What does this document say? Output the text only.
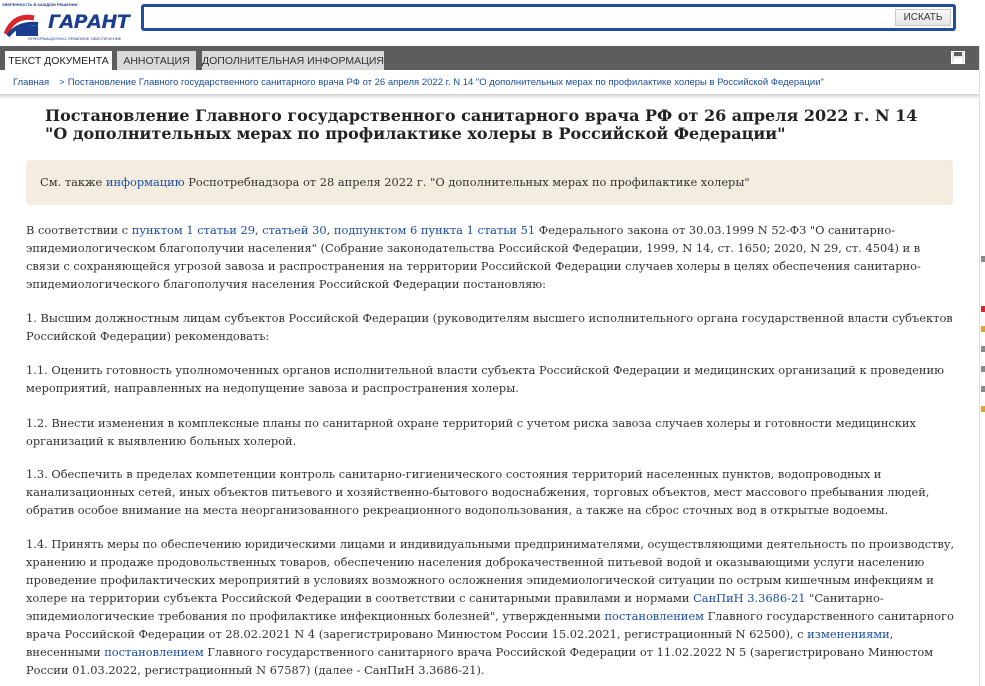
УВЕРЕННОСТЬ В КАЖДОМ РЕШЕНИИ
ГАРАНТ
ИНФОРМАЦИОННО-ПРАВОВОЕ ОБЕСПЕЧЕНИЕ
ИСКАТЬ
ТЕКСТ ДОКУМЕНТА	АННОТАЦИЯ	ДОПОЛНИТЕЛЬНАЯ ИНФОРМАЦИЯ
Главная > Постановление Главного государственного санитарного врача РФ от 26 апреля 2022 г. N 14 "О дополнительных мерах по профилактике холеры в Российской Федерации"
Постановление Главного государственного санитарного врача РФ от 26 апреля 2022 г. N 14 "О дополнительных мерах по профилактике холеры в Российской Федерации"
См. также информацию Роспотребнадзора от 28 апреля 2022 г. "О дополнительных мерах по профилактике холеры"

В соответствии с пунктом 1 статьи 29, статьей 30, подпунктом 6 пункта 1 статьи 51 Федерального закона от 30.03.1999 N 52-ФЗ "О санитарно-эпидемиологическом благополучии населения" (Собрание законодательства Российской Федерации, 1999, N 14, ст. 1650; 2020, N 29, ст. 4504) и в связи с сохраняющейся угрозой завоза и распространения на территории Российской Федерации случаев холеры в целях обеспечения санитарно-эпидемиологического благополучия населения Российской Федерации постановляю:

1. Высшим должностным лицам субъектов Российской Федерации (руководителям высшего исполнительного органа государственной власти субъектов Российской Федерации) рекомендовать:

1.1. Оценить готовность уполномоченных органов исполнительной власти субъекта Российской Федерации и медицинских организаций к проведению мероприятий, направленных на недопущение завоза и распространения холеры.

1.2. Внести изменения в комплексные планы по санитарной охране территорий с учетом риска завоза случаев холеры и готовности медицинских организаций к выявлению больных холерой.

1.3. Обеспечить в пределах компетенции контроль санитарно-гигиенического состояния территорий населенных пунктов, водопроводных и канализационных сетей, иных объектов питьевого и хозяйственно-бытового водоснабжения, торговых объектов, мест массового пребывания людей, обратив особое внимание на места неорганизованного рекреационного водопользования, а также на сброс сточных вод в открытые водоемы.

1.4. Принять меры по обеспечению юридическими лицами и индивидуальными предпринимателями, осуществляющими деятельность по производству, хранению и продаже продовольственных товаров, обеспечению населения доброкачественной питьевой водой и оказывающими услуги населению проведение профилактических мероприятий в условиях возможного осложнения эпидемиологической ситуации по острым кишечным инфекциям и холере на территории субъекта Российской Федерации в соответствии с санитарными правилами и нормами СанПиН 3.3686-21 "Санитарно-эпидемиологические требования по профилактике инфекционных болезней", утвержденными постановлением Главного государственного санитарного врача Российской Федерации от 28.02.2021 N 4 (зарегистрировано Минюстом России 15.02.2021, регистрационный N 62500), с изменениями, внесенными постановлением Главного государственного санитарного врача Российской Федерации от 11.02.2022 N 5 (зарегистрировано Минюстом России 01.03.2022, регистрационный N 67587) (далее - СанПиН 3.3686-21).
